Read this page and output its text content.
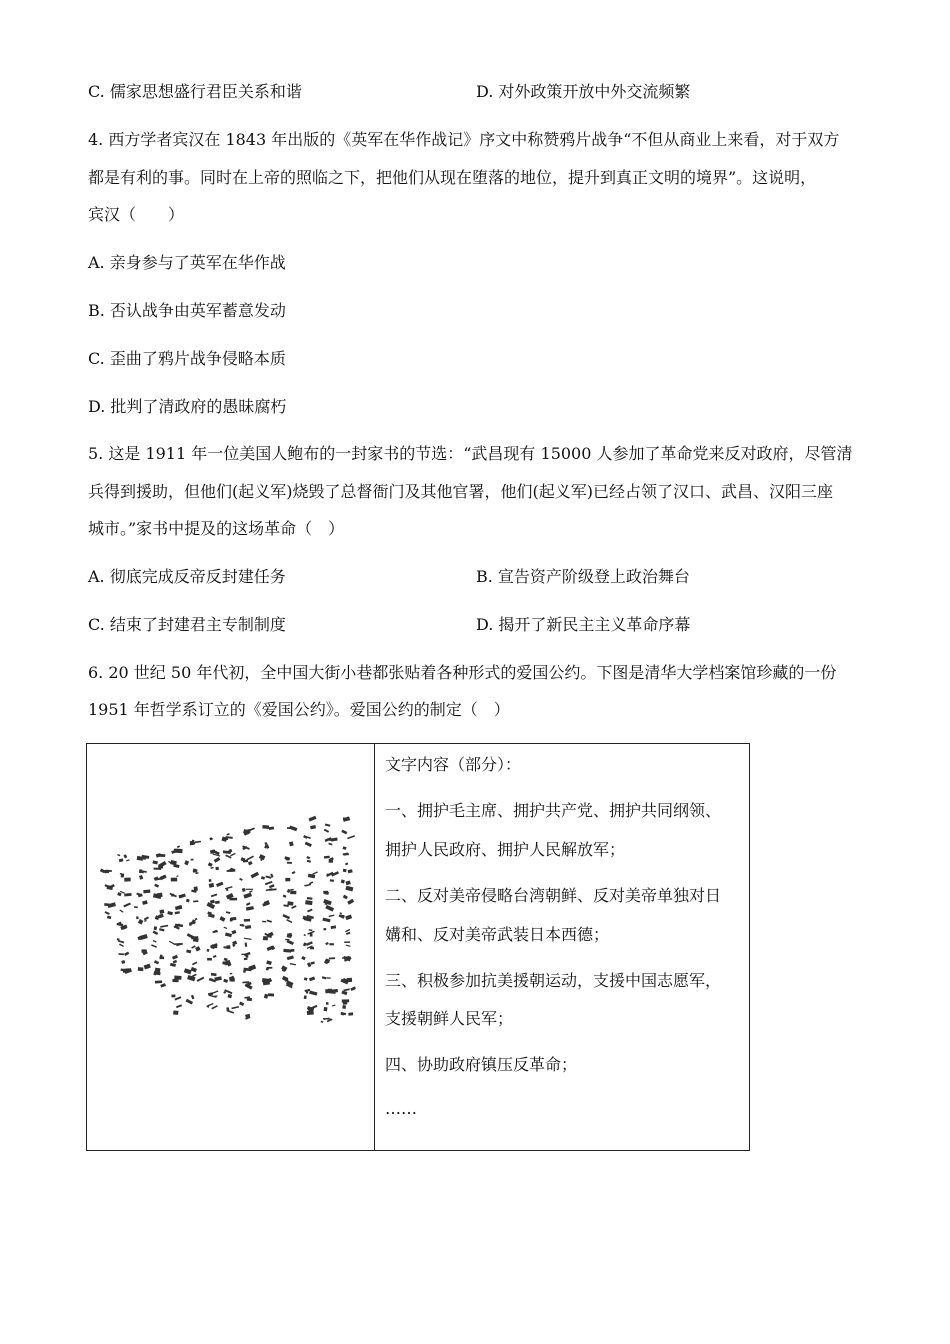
C. 儒家思想盛行君臣关系和谐	D. 对外政策开放中外交流频繁
4. 西方学者宾汉在 1843 年出版的《英军在华作战记》序文中称赞鸦片战争“不但从商业上来看，对于双方
都是有利的事。同时在上帝的照临之下，把他们从现在堕落的地位，提升到真正文明的境界”。这说明，
宾汉（　　）
A. 亲身参与了英军在华作战
B. 否认战争由英军蓄意发动
C. 歪曲了鸦片战争侵略本质
D. 批判了清政府的愚昧腐朽
5. 这是 1911 年一位美国人鲍布的一封家书的节选：“武昌现有 15000 人参加了革命党来反对政府，尽管清
兵得到援助，但他们(起义军)烧毁了总督衙门及其他官署，他们(起义军)已经占领了汉口、武昌、汉阳三座
城市。”家书中提及的这场革命（　）
A. 彻底完成反帝反封建任务	B. 宣告资产阶级登上政治舞台
C. 结束了封建君主专制制度	D. 揭开了新民主主义革命序幕
6. 20 世纪 50 年代初，全中国大街小巷都张贴着各种形式的爱国公约。下图是清华大学档案馆珍藏的一份
1951 年哲学系订立的《爱国公约》。爱国公约的制定（　）
文字内容（部分）：
一、拥护毛主席、拥护共产党、拥护共同纲领、
拥护人民政府、拥护人民解放军；
二、反对美帝侵略台湾朝鲜、反对美帝单独对日
媾和、反对美帝武装日本西德；
三、积极参加抗美援朝运动，支援中国志愿军，
支援朝鲜人民军；
四、协助政府镇压反革命；
……
